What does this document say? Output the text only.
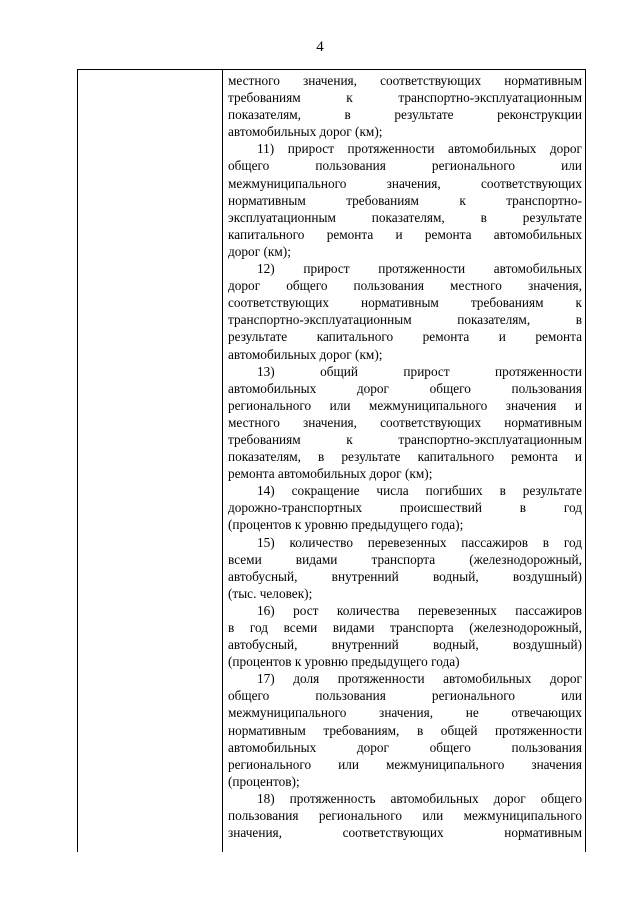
4
местного значения, соответствующих нормативным
требованиям к транспортно-эксплуатационным
показателям, в результате реконструкции
автомобильных дорог (км);
11) прирост протяженности автомобильных дорог
общего пользования регионального или
межмуниципального значения, соответствующих
нормативным требованиям к транспортно-
эксплуатационным показателям, в результате
капитального ремонта и ремонта автомобильных
дорог (км);
12) прирост протяженности автомобильных
дорог общего пользования местного значения,
соответствующих нормативным требованиям к
транспортно-эксплуатационным показателям, в
результате капитального ремонта и ремонта
автомобильных дорог (км);
13) общий прирост протяженности
автомобильных дорог общего пользования
регионального или межмуниципального значения и
местного значения, соответствующих нормативным
требованиям к транспортно-эксплуатационным
показателям, в результате капитального ремонта и
ремонта автомобильных дорог (км);
14) сокращение числа погибших в результате
дорожно-транспортных происшествий в год
(процентов к уровню предыдущего года);
15) количество перевезенных пассажиров в год
всеми видами транспорта (железнодорожный,
автобусный, внутренний водный, воздушный)
(тыс. человек);
16) рост количества перевезенных пассажиров
в год всеми видами транспорта (железнодорожный,
автобусный, внутренний водный, воздушный)
(процентов к уровню предыдущего года)
17) доля протяженности автомобильных дорог
общего пользования регионального или
межмуниципального значения, не отвечающих
нормативным требованиям, в общей протяженности
автомобильных дорог общего пользования
регионального или межмуниципального значения
(процентов);
18) протяженность автомобильных дорог общего
пользования регионального или межмуниципального
значения, соответствующих нормативным
